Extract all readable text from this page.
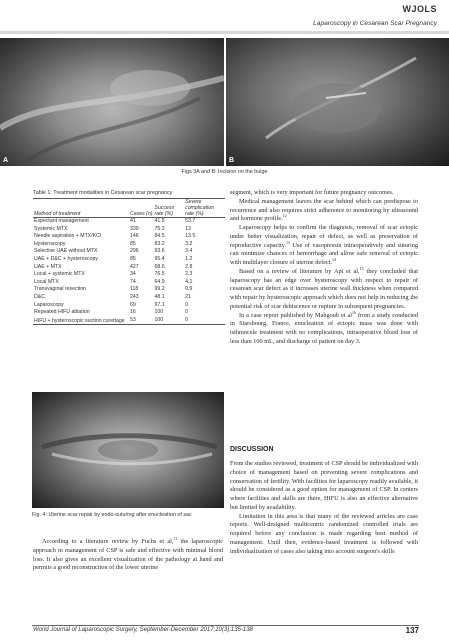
WJOLS
Laparoscopy in Cesarean Scar Pregnancy
A	B
Figs 3A and B: Incision on the bulge
Table 1: Treatment modalities in Cesarean scar pregnancy
Method of treatment	Cases (n)	Success rate (%)	Severe complication rate (%)
Expectant management	41	41.5	53.7
Systemic MTX	339	75.2	13
Needle aspiration + MTX/KCl	146	84.5	13.5
Hysteroscopy	85	83.2	3.2
Selective UAE without MTX	296	93.6	3.4
UAE + D&C + hysteroscopy	85	95.4	1.2
UAE + MTX	427	68.6	2.8
Local + systemic MTX	34	76.5	2.3
Local MTX	74	64.9	4.1
Transvaginal resection	118	99.2	0.9
D&C	243	48.1	21
Laparoscopy	69	97.1	0
Repeated HIFU ablation	16	100	0
HIFU + hysteroscopic suction curettage	53	100	0
Fig. 4: Uterine scar repair by endo-suturing after enucleation of sac

According to a literature review by Fuchs et al,$^{11}$ the laparoscopic approach in management of CSP is safe and effective with minimal blood loss. It also gives an excellent visualization of the pathology at hand and permits a good reconstruction of the lower uterine

segment, which is very important for future pregnancy outcomes.

Medical management leaves the scar behind which can predispose to recurrence and also requires strict adherence to monitoring by ultrasound and hormone profile.$^{12}$

Laparoscopy helps to confirm the diagnosis, removal of scar ectopic under better visualization, repair of defect, as well as preservation of reproductive capacity.$^{13}$ Use of vasopressin intraoperatively and suturing can minimize chances of hemorrhage and allow safe removal of ectopic with multilayer closure of uterine defect.$^{14}$

Based on a review of literature by Api et al,$^{15}$ they concluded that laparoscopy has an edge over hysteroscopy with respect to repair of cesarean scar defect as it increases uterine wall thickness when compared with repair by hysteroscopic approach which does not help in reducing the potential risk of scar dehiscence or rupture in subsequent pregnancies.

In a case report published by Mahgoub et $al^{16}$ from a study conducted in Starsbourg, France, enucleation of ectopic mass was done with isthmocele treatment with no complications, intraoperative blood loss of less than 100 mL, and discharge of patient on day 3.

DISCUSSION

From the studies reviewed, treatment of CSP should be individualized with choice of management based on preventing severe complications and conservation of fertility. With facilities for laparoscopy readily available, it should be considered as a good option for management of CSP. In centers where facilities and skills are there, HIFU is also an effective alternative but limited by availability.

Limitation in this area is that many of the reviewed articles are case reports. Well-designed multicentric randomized controlled trials are required before any conclusion is made regarding best method of management. Until then, evidence-based treatment is followed with individualization of cases also taking into account surgeon's skills

World Journal of Laparoscopic Surgery, September-December 2017;10(3):135-138	137
